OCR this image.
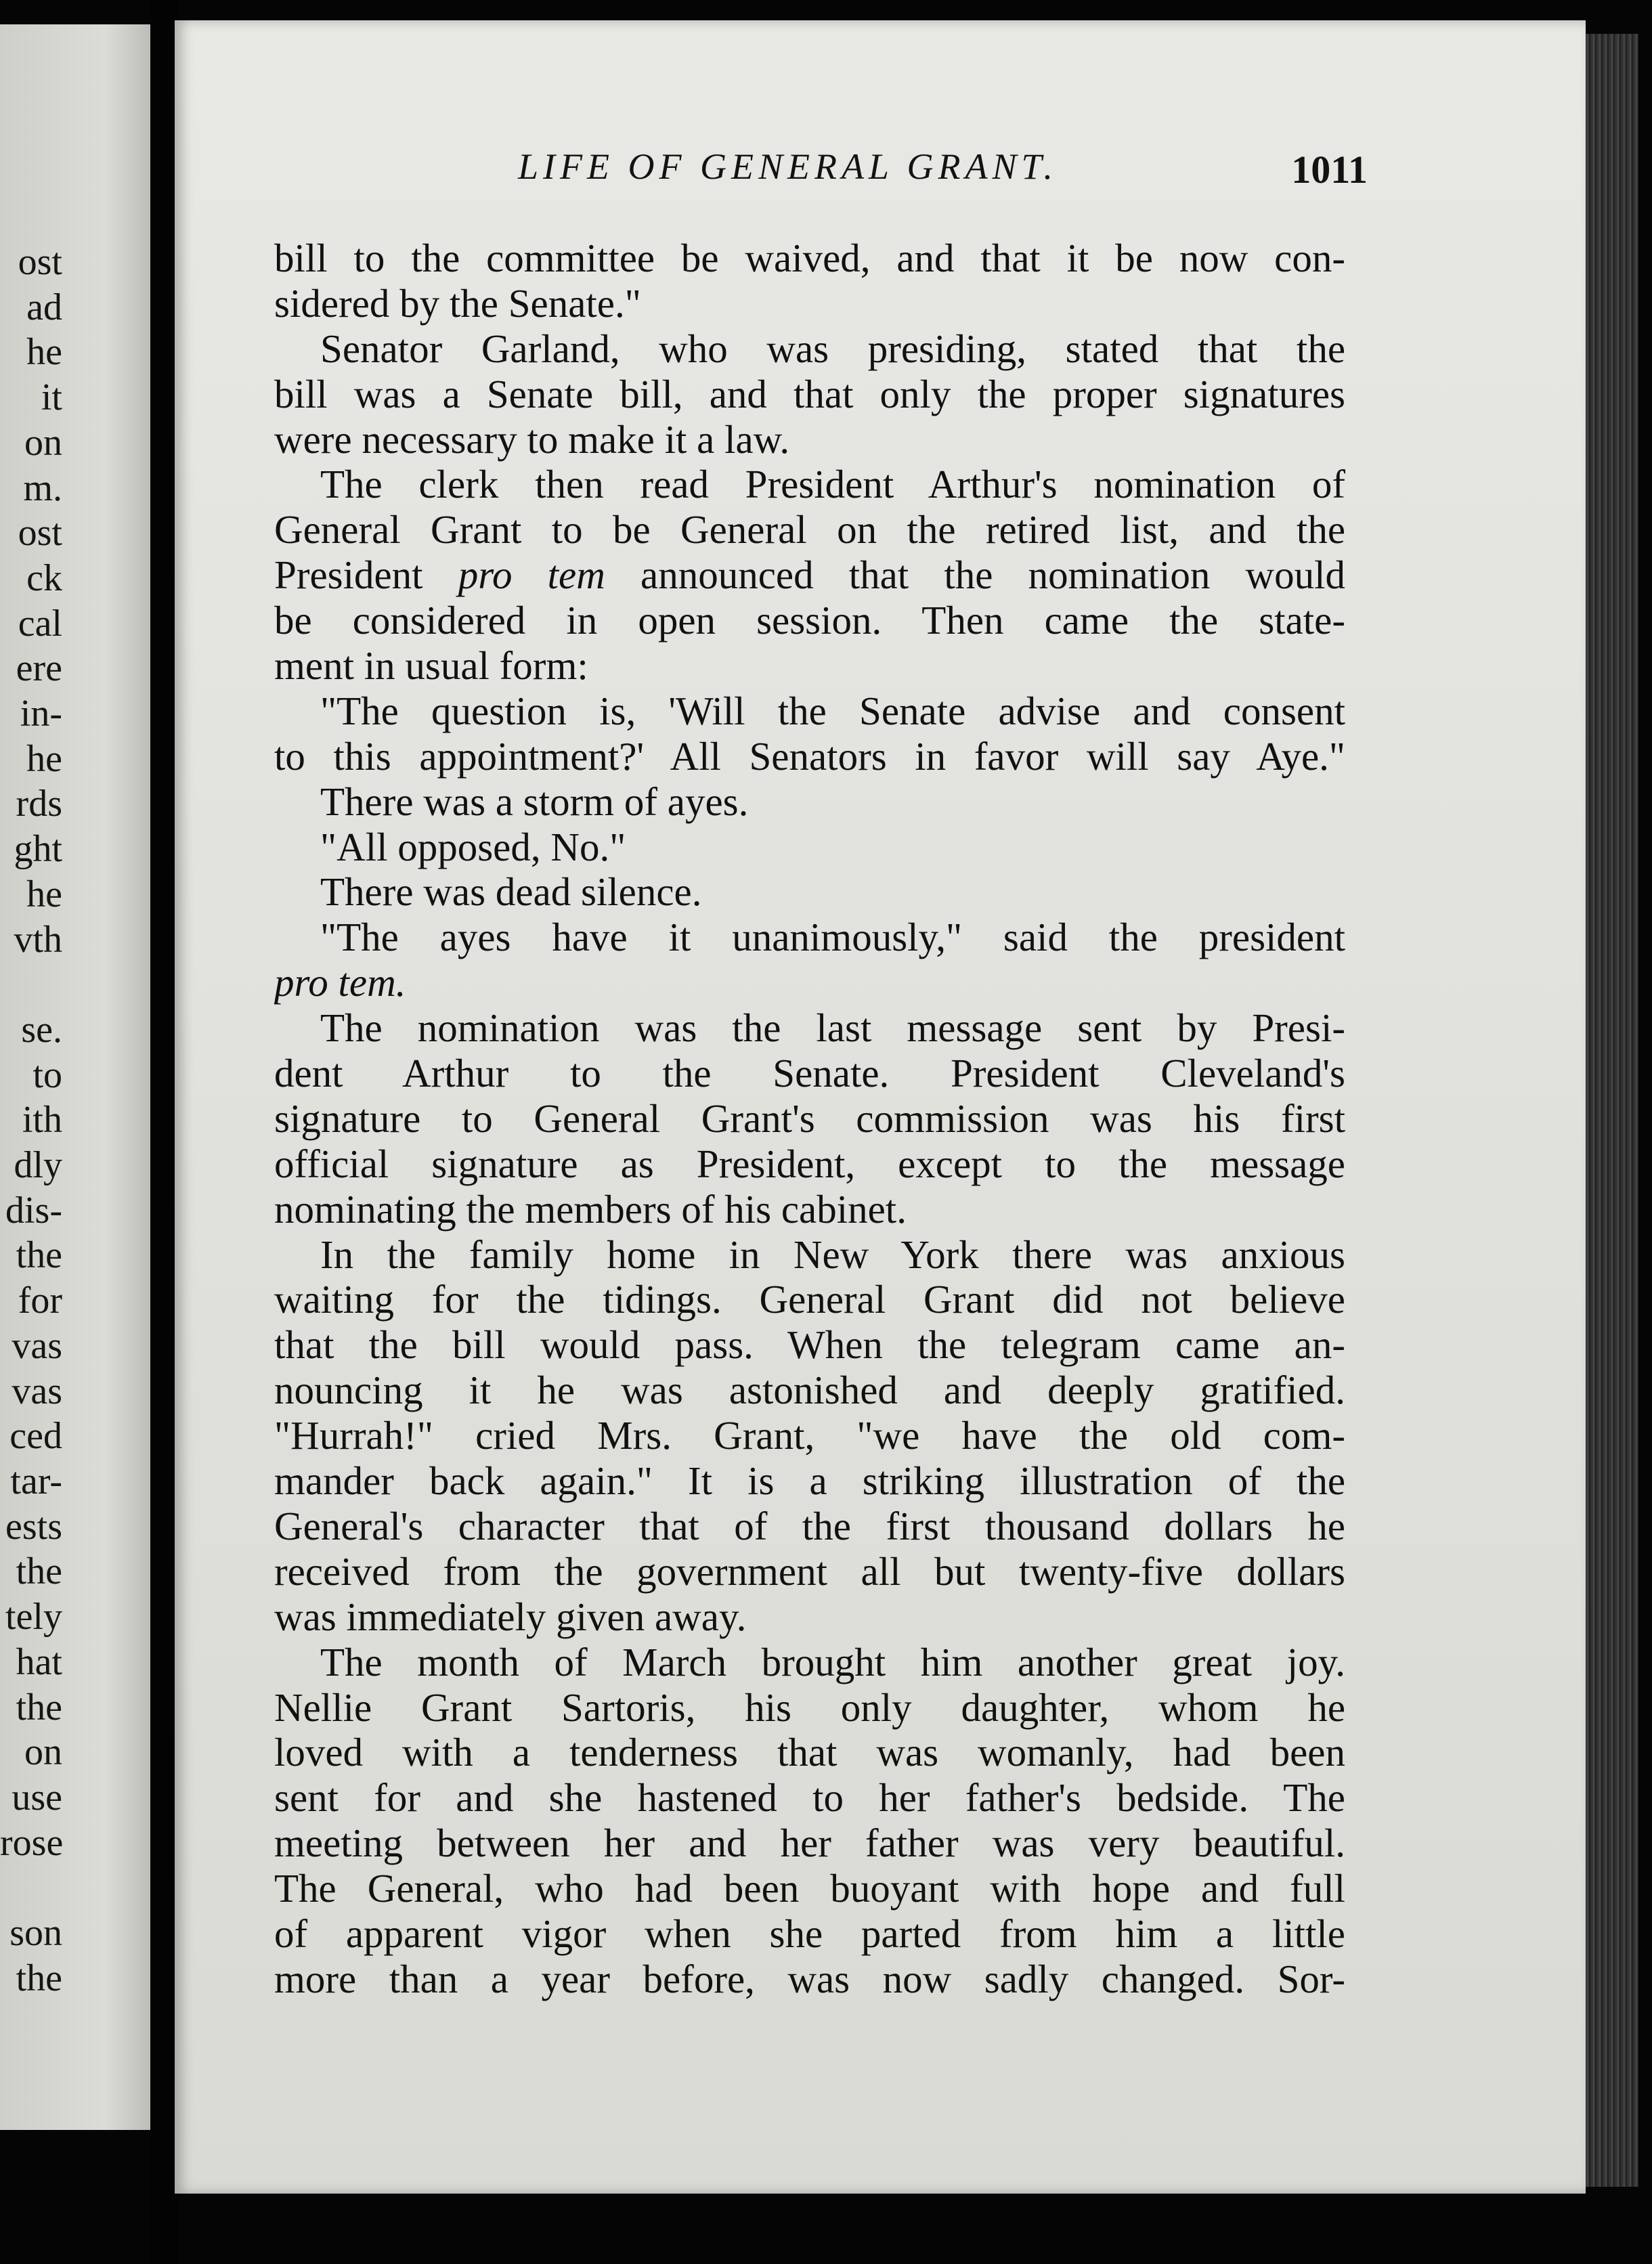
ost
ad
he
it
on
m.
ost
ck
cal
ere
in-
he
rds
ght
he
vth

se.
to
ith
dly
dis-
the
for
vas
vas
ced
tar-
ests
the
tely
hat
the
on
use
rose

son
the
LIFE OF GENERAL GRANT.	1011
bill to the committee be waived, and that it be now con-
sidered by the Senate."
Senator Garland, who was presiding, stated that the
bill was a Senate bill, and that only the proper signatures
were necessary to make it a law.
The clerk then read President Arthur's nomination of
General Grant to be General on the retired list, and the
President pro tem announced that the nomination would
be considered in open session. Then came the state-
ment in usual form:
"The question is, 'Will the Senate advise and consent
to this appointment?' All Senators in favor will say Aye."
There was a storm of ayes.
"All opposed, No."
There was dead silence.
"The ayes have it unanimously," said the president
pro tem.
The nomination was the last message sent by Presi-
dent Arthur to the Senate. President Cleveland's
signature to General Grant's commission was his first
official signature as President, except to the message
nominating the members of his cabinet.
In the family home in New York there was anxious
waiting for the tidings. General Grant did not believe
that the bill would pass. When the telegram came an-
nouncing it he was astonished and deeply gratified.
"Hurrah!" cried Mrs. Grant, "we have the old com-
mander back again." It is a striking illustration of the
General's character that of the first thousand dollars he
received from the government all but twenty-five dollars
was immediately given away.
The month of March brought him another great joy.
Nellie Grant Sartoris, his only daughter, whom he
loved with a tenderness that was womanly, had been
sent for and she hastened to her father's bedside. The
meeting between her and her father was very beautiful.
The General, who had been buoyant with hope and full
of apparent vigor when she parted from him a little
more than a year before, was now sadly changed. Sor-
